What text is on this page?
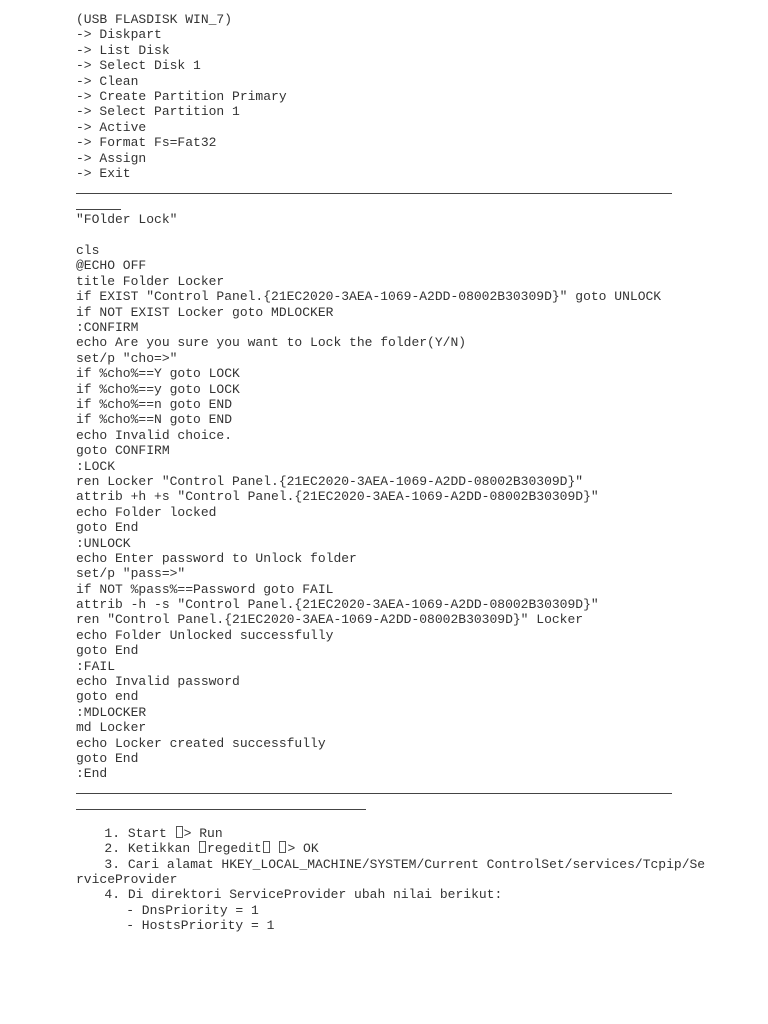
(USB FLASDISK WIN_7)
-> Diskpart
-> List Disk
-> Select Disk 1
-> Clean
-> Create Partition Primary
-> Select Partition 1
-> Active
-> Format Fs=Fat32
-> Assign
-> Exit
"FOlder Lock"
cls
@ECHO OFF
title Folder Locker
if EXIST "Control Panel.{21EC2020-3AEA-1069-A2DD-08002B30309D}" goto UNLOCK
if NOT EXIST Locker goto MDLOCKER
:CONFIRM
echo Are you sure you want to Lock the folder(Y/N)
set/p "cho=>"
if %cho%==Y goto LOCK
if %cho%==y goto LOCK
if %cho%==n goto END
if %cho%==N goto END
echo Invalid choice.
goto CONFIRM
:LOCK
ren Locker "Control Panel.{21EC2020-3AEA-1069-A2DD-08002B30309D}"
attrib +h +s "Control Panel.{21EC2020-3AEA-1069-A2DD-08002B30309D}"
echo Folder locked
goto End
:UNLOCK
echo Enter password to Unlock folder
set/p "pass=>"
if NOT %pass%==Password goto FAIL
attrib -h -s "Control Panel.{21EC2020-3AEA-1069-A2DD-08002B30309D}"
ren "Control Panel.{21EC2020-3AEA-1069-A2DD-08002B30309D}" Locker
echo Folder Unlocked successfully
goto End
:FAIL
echo Invalid password
goto end
:MDLOCKER
md Locker
echo Locker created successfully
goto End
:End
1. Start > Run
2. Ketikkan regedit > OK
3. Cari alamat HKEY_LOCAL_MACHINE/SYSTEM/Current ControlSet/services/Tcpip/Se
rviceProvider
4. Di direktori ServiceProvider ubah nilai berikut:
- DnsPriority = 1
- HostsPriority = 1
